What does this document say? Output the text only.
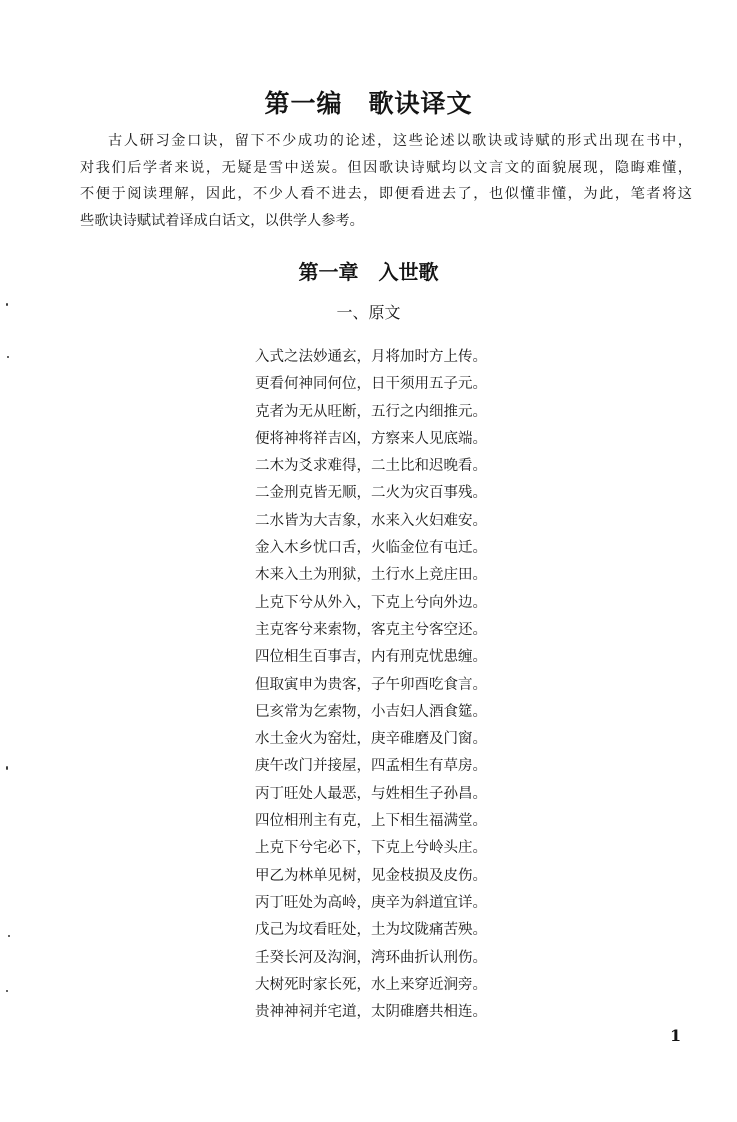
第一编　歌诀译文
古人研习金口诀，留下不少成功的论述，这些论述以歌诀或诗赋的形式出现在书中，
对我们后学者来说，无疑是雪中送炭。但因歌诀诗赋均以文言文的面貌展现，隐晦难懂，
不便于阅读理解，因此，不少人看不进去，即便看进去了，也似懂非懂，为此，笔者将这
些歌诀诗赋试着译成白话文，以供学人参考。
第一章　入世歌
一、原文
入式之法妙通玄，月将加时方上传。
更看何神同何位，日干须用五子元。
克者为无从旺断，五行之内细推元。
便将神将祥吉凶，方察来人见底端。
二木为爻求难得，二土比和迟晚看。
二金刑克皆无顺，二火为灾百事残。
二水皆为大吉象，水来入火妇难安。
金入木乡忧口舌，火临金位有屯迁。
木来入土为刑狱，土行水上竞庄田。
上克下兮从外入，下克上兮向外边。
主克客兮来索物，客克主兮客空还。
四位相生百事吉，内有刑克忧患缠。
但取寅申为贵客，子午卯酉吃食言。
巳亥常为乞索物，小吉妇人酒食筵。
水土金火为窑灶，庚辛碓磨及门窗。
庚午改门并接屋，四孟相生有草房。
丙丁旺处人最恶，与姓相生子孙昌。
四位相刑主有克，上下相生福满堂。
上克下兮宅必下，下克上兮岭头庄。
甲乙为林单见树，见金枝损及皮伤。
丙丁旺处为高岭，庚辛为斜道宜详。
戊己为坟看旺处，土为坟陇痛苦殃。
壬癸长河及沟涧，湾环曲折认刑伤。
大树死时家长死，水上来穿近涧旁。
贵神神祠并宅道，太阴碓磨共相连。
1
